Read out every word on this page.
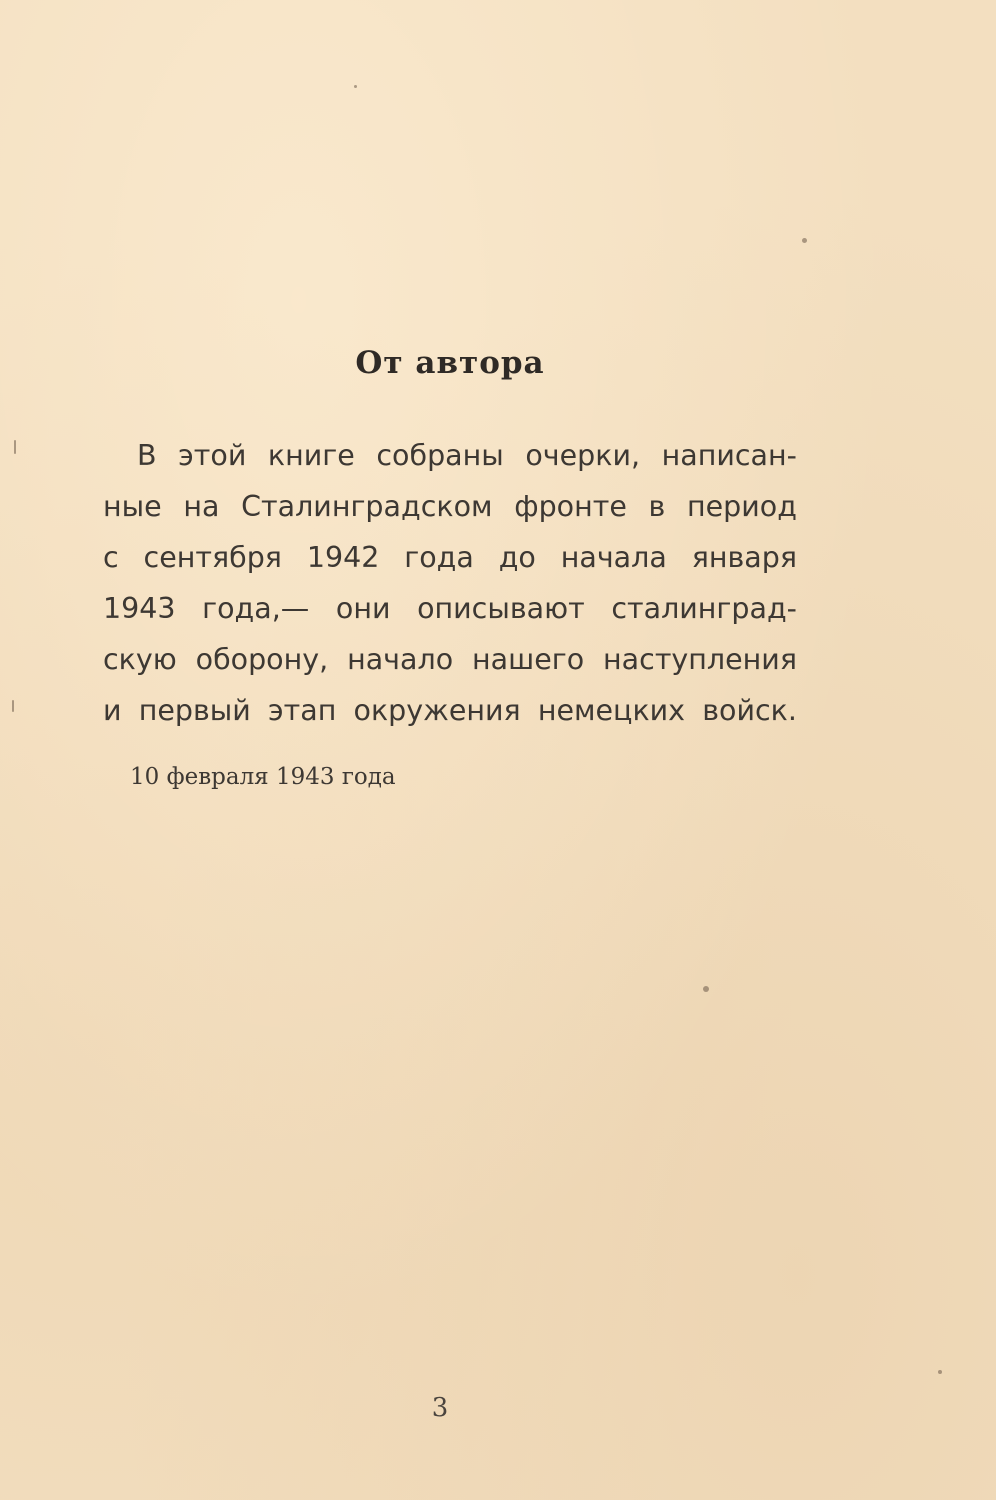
От автора
В этой книге собраны очерки, написан-
ные на Сталинградском фронте в период
с сентября 1942 года до начала января
1943 года,— они описывают сталинград-
скую оборону, начало нашего наступления
и первый этап окружения немецких войск.
10 февраля 1943 года
3
